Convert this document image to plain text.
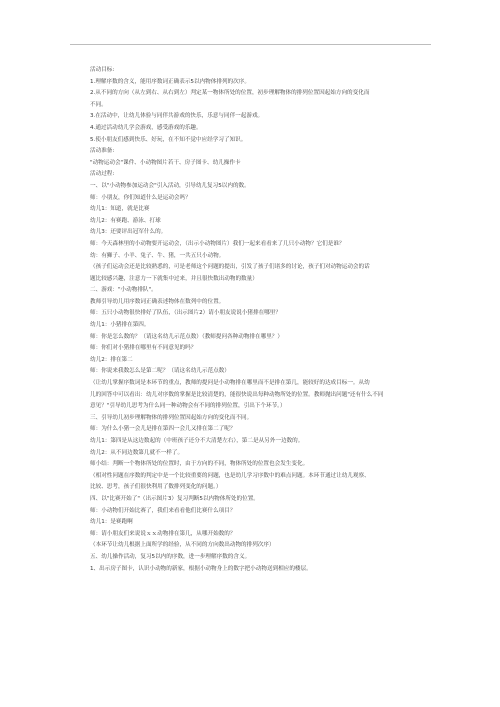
活动目标:
1.理解序数的含义，能用序数词正确表示5以内物体排列的次序。
2.从不同的方向（从左到右、从右到左）判定某一物体所处的位置，初步理解物体的排列位置因起始方向的变化而
不同。
3.在活动中，让幼儿体验与同伴共游戏的快乐，乐意与同伴一起游戏。
4.通过活动幼儿学会游戏，感受游戏的乐趣。
5.使小朋友们感到快乐、好玩，在不知不觉中应经学习了知识。
活动准备:
"动物运动会"课件、小动物图片若干、房子图卡、幼儿操作卡
活动过程:
一、以"小动物参加运动会"引入活动，引导幼儿复习5以内的数。
师：小朋友，你们知道什么是运动会吗？
幼儿1：知道，就是比赛
幼儿2：有赛跑、游泳、打球
幼儿3：还要评出冠军什么的。
师：今天森林里的小动物要开运动会，（出示小动物图片）我们一起来看看来了几只小动物？它们是谁？
幼：有狮子、小羊、兔子、牛、猪，一共五只小动物。
（孩子们运动会还是比较熟悉的，可是老师这个问题的提出，引发了孩子们诸多的讨论，孩子们对动物运动会的话
题比较感兴趣，注意力一下就集中过来，并且很快数出动物的数量）
二、游戏："小动物排队"。
教师引导幼儿用序数词正确表述物体在数列中的位置。
师：五只小动物很快排好了队伍，（出示图片2）请小朋友说说小猪排在哪里？
幼儿1：小猪排在第四。
师：你是怎么数的？（请这名幼儿示范点数）（教师提问各种动物排在哪里？）
师：你们对小猪排在哪里有不同意见的吗？
幼儿2：排在第二
师：你说来我数怎么是第二呢？（请这名幼儿示范点数）
（让幼儿掌握序数词是本环节的重点，教师的提问是小动物排在哪里而不是排在第几，能较好的达成目标一。从幼
儿的回答中可以看出：幼儿对序数的掌握是比较清楚的，能很快说出每种动物所处的位置。教师抛出问题"还有什么不同
意见？"引导幼儿思考为什么同一种动物会有不同的排列位置，引出下个环节。）
三、引导幼儿初步理解物体的排列位置因起始方向的变化而不同。
师：为什么小猪一会儿是排在第四一会儿又排在第二了呢？
幼儿1：第四是从这边数起的（中班孩子还分不大清楚左右），第二是从另外一边数的。
幼儿2：从不同边数第几就不一样了。
师小结：判断一个物体所处的位置时，由于方向的不同，物体所处的位置也会发生变化。
（相对性问题在序数的判定中是一个比较重要的问题，也是幼儿学习序数中的难点问题。本环节通过让幼儿观察、
比较、思考，孩子们很快利用了数排列变化的问题。）
四、以"比赛开始了"（出示图片3）复习判断5以内物体所处的位置。
师：小动物们开始比赛了，我们来看看他们比赛什么项目？
幼儿1：是赛跑啊
师：请小朋友们来说说ｘｘ动物排在第几，从哪开始数的？
（本环节让幼儿根据上面所学的经验，从不同的方向数出动物的排列次序）
五、幼儿操作活动，复习5以内的序数，进一步理解序数的含义。
1、出示房子图卡，认识小动物的新家，根据小动物身上的数字把小动物送到相应的楼层。
